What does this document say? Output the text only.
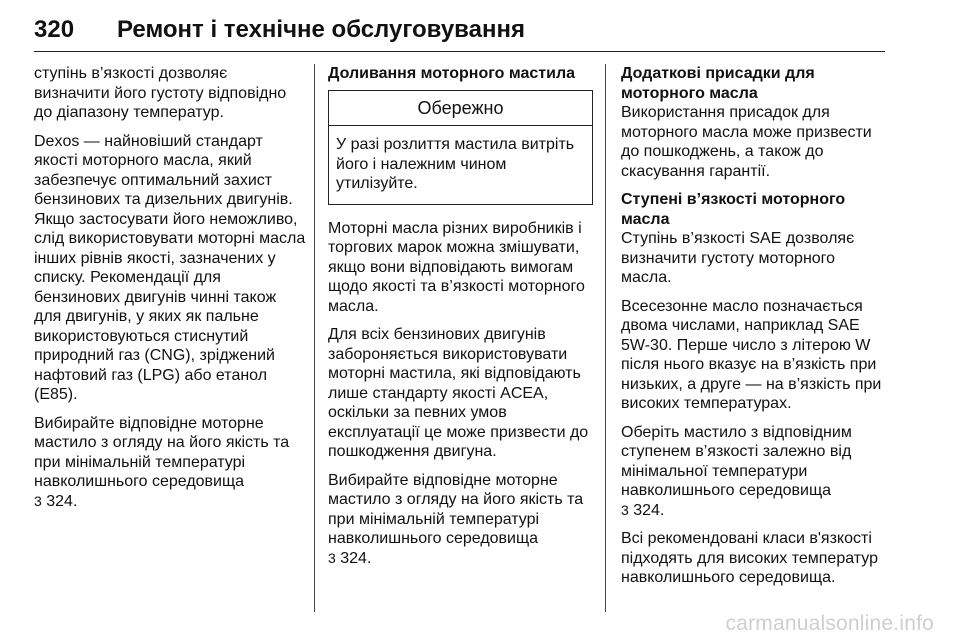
320 Ремонт і технічне обслуговування

ступінь в’язкості дозволяє визначити його густоту відповідно до діапазону температур.

Dexos — найновіший стандарт якості моторного масла, який забезпечує оптимальний захист бензинових та дизельних двигунів. Якщо застосувати його неможливо, слід використовувати моторні масла інших рівнів якості, зазначених у списку. Рекомендації для бензинових двигунів чинні також для двигунів, у яких як пальне використовуються стиснутий природний газ (CNG), зріджений нафтовий газ (LPG) або етанол (E85).

Вибирайте відповідне моторне мастило з огляду на його якість та при мінімальній температурі навколишнього середовища
3 324.

Доливання моторного мастила
Обережно
У разі розлиття мастила витріть його і належним чином утилізуйте.

Моторні масла різних виробників і торгових марок можна змішувати, якщо вони відповідають вимогам щодо якості та в’язкості моторного масла.

Для всіх бензинових двигунів забороняється використовувати моторні мастила, які відповідають лише стандарту якості ACEA, оскільки за певних умов експлуатації це може призвести до пошкодження двигуна.

Вибирайте відповідне моторне мастило з огляду на його якість та при мінімальній температурі навколишнього середовища
3 324.

Додаткові присадки для моторного масла

Використання присадок для моторного масла може призвести до пошкоджень, а також до скасування гарантії.

Ступені в’язкості моторного масла

Ступінь в’язкості SAE дозволяє визначити густоту моторного масла.

Всесезонне масло позначається двома числами, наприклад SAE 5W-30. Перше число з літерою W після нього вказує на в’язкість при низьких, а друге — на в’язкість при високих температурах.

Оберіть мастило з відповідним ступенем в’язкості залежно від мінімальної температури навколишнього середовища
3 324.

Всі рекомендовані класи в'язкості підходять для високих температур навколишнього середовища.

carmanualsonline.info
